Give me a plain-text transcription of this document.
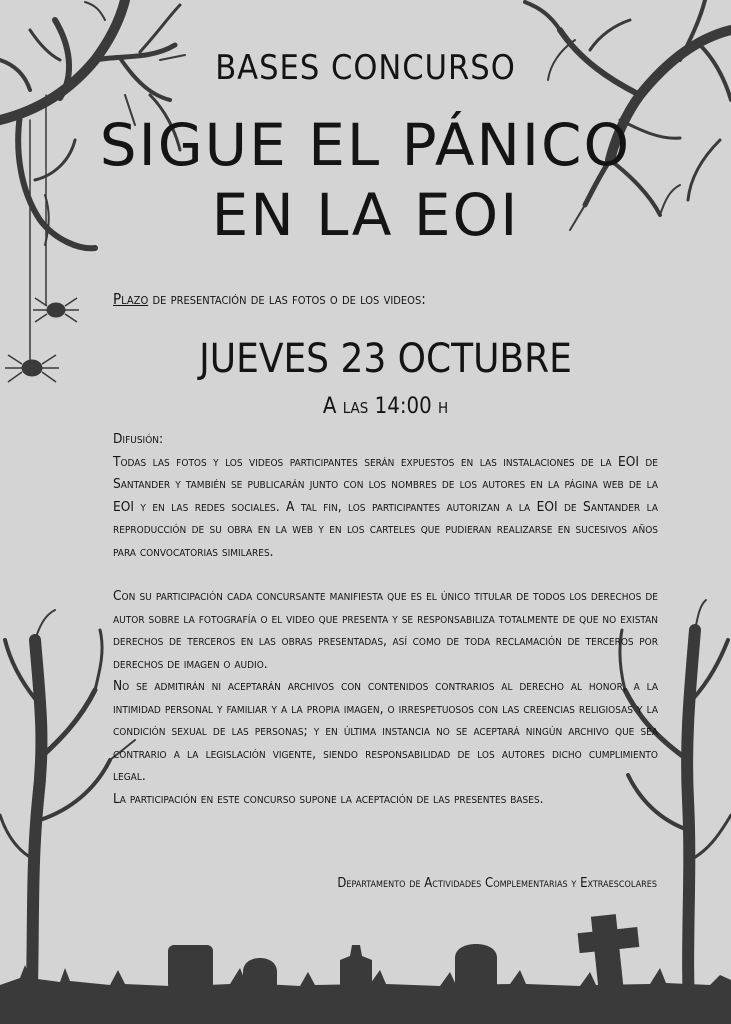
BASES CONCURSO
SIGUE EL PÁNICO
EN LA EOI
Plazo de presentación de las fotos o de los videos:
JUEVES 23 OCTUBRE
A las 14:00 h

Difusión:

Todas las fotos y los videos participantes serán expuestos en las instalaciones de la EOI de Santander y también se publicarán junto con los nombres de los autores en la página web de la EOI y en las redes sociales. A tal fin, los participantes autorizan a la EOI de Santander la reproducción de su obra en la web y en los carteles que pudieran realizarse en sucesivos años para convocatorias similares.

Con su participación cada concursante manifiesta que es el único titular de todos los derechos de autor sobre la fotografía o el video que presenta y se responsabiliza totalmente de que no existan derechos de terceros en las obras presentadas, así como de toda reclamación de terceros por derechos de imagen o audio.

No se admitirán ni aceptarán archivos con contenidos contrarios al derecho al honor, a la intimidad personal y familiar y a la propia imagen, o irrespetuosos con las creencias religiosas y la condición sexual de las personas; y en última instancia no se aceptará ningún archivo que sea contrario a la legislación vigente, siendo responsabilidad de los autores dicho cumplimiento legal.

La participación en este concurso supone la aceptación de las presentes bases.

Departamento de Actividades Complementarias y Extraescolares
